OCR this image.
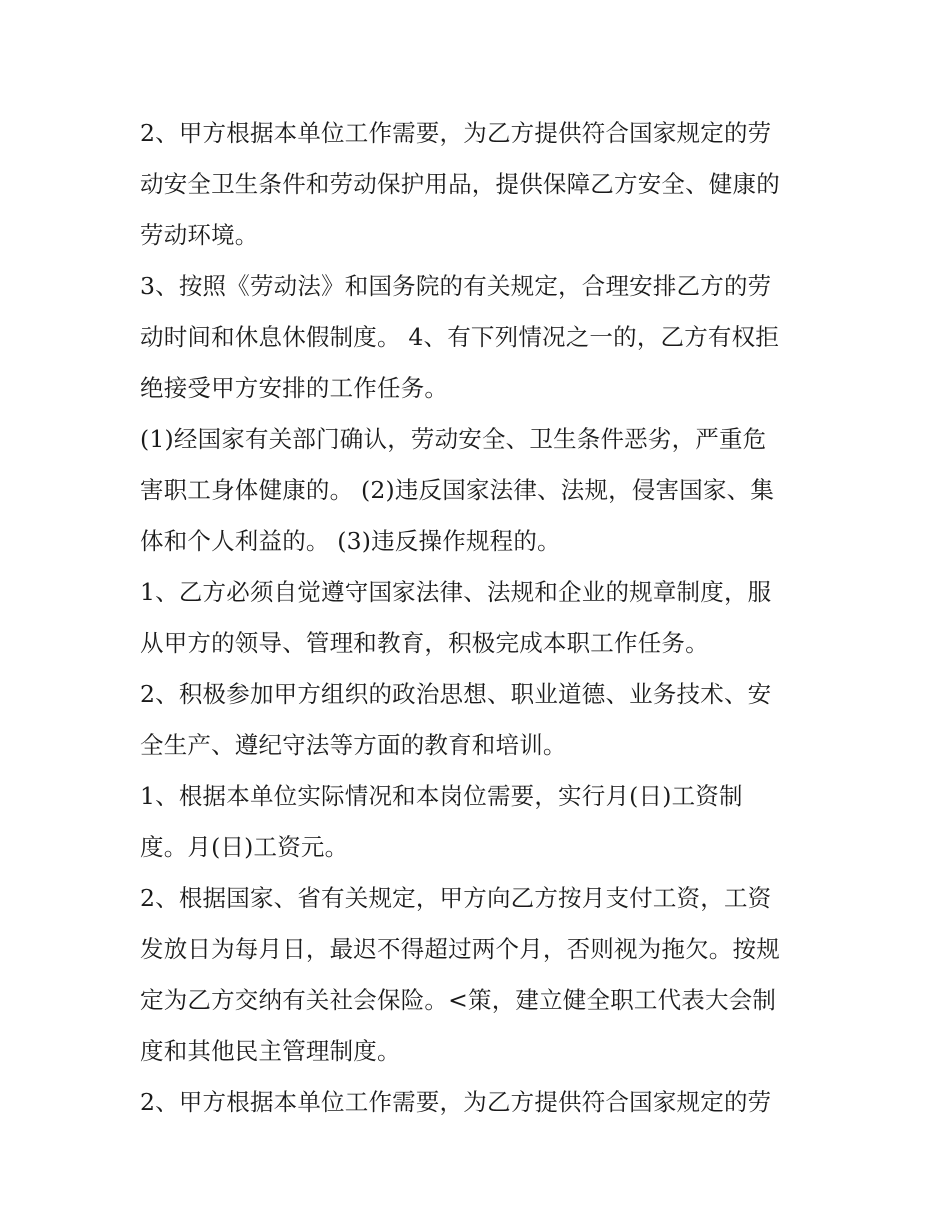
2、甲方根据本单位工作需要，为乙方提供符合国家规定的劳
动安全卫生条件和劳动保护用品，提供保障乙方安全、健康的
劳动环境。
3、按照《劳动法》和国务院的有关规定，合理安排乙方的劳
动时间和休息休假制度。 4、有下列情况之一的，乙方有权拒
绝接受甲方安排的工作任务。
(1)经国家有关部门确认，劳动安全、卫生条件恶劣，严重危
害职工身体健康的。 (2)违反国家法律、法规，侵害国家、集
体和个人利益的。 (3)违反操作规程的。
1、乙方必须自觉遵守国家法律、法规和企业的规章制度，服
从甲方的领导、管理和教育，积极完成本职工作任务。
2、积极参加甲方组织的政治思想、职业道德、业务技术、安
全生产、遵纪守法等方面的教育和培训。
1、根据本单位实际情况和本岗位需要，实行月(日)工资制
度。月(日)工资元。
2、根据国家、省有关规定，甲方向乙方按月支付工资，工资
发放日为每月日，最迟不得超过两个月，否则视为拖欠。按规
定为乙方交纳有关社会保险。<策，建立健全职工代表大会制
度和其他民主管理制度。
2、甲方根据本单位工作需要，为乙方提供符合国家规定的劳
